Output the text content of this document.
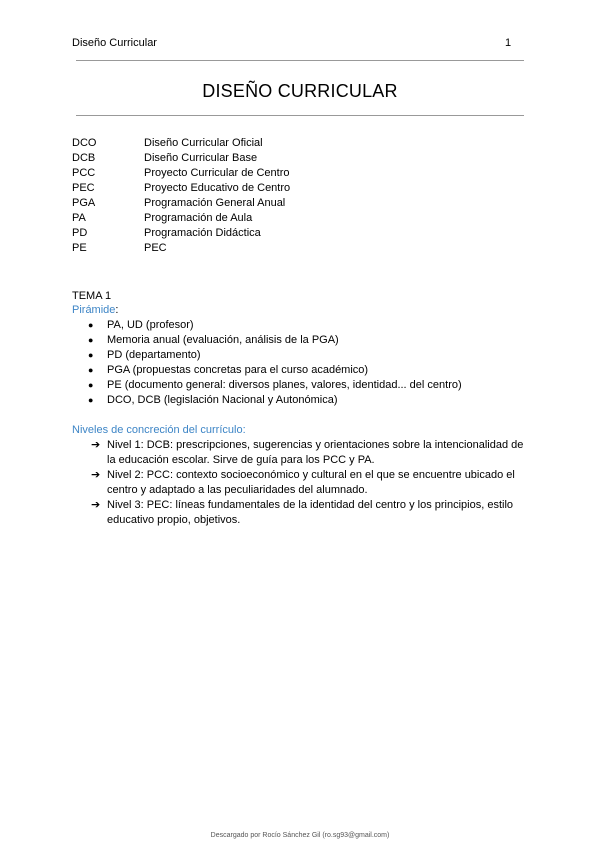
Diseño Curricular	1
DISEÑO CURRICULAR
DCO	Diseño Curricular Oficial
DCB	Diseño Curricular Base
PCC	Proyecto Curricular de Centro
PEC	Proyecto Educativo de Centro
PGA	Programación General Anual
PA	Programación de Aula
PD	Programación Didáctica
PE	PEC
TEMA 1
Pirámide:
● PA, UD (profesor)
● Memoria anual (evaluación, análisis de la PGA)
● PD (departamento)
● PGA (propuestas concretas para el curso académico)
● PE (documento general: diversos planes, valores, identidad... del centro)
● DCO, DCB (legislación Nacional y Autonómica)
Niveles de concreción del currículo:
➔ Nivel 1: DCB: prescripciones, sugerencias y orientaciones sobre la intencionalidad de la educación escolar. Sirve de guía para los PCC y PA.
➔ Nivel 2: PCC: contexto socioeconómico y cultural en el que se encuentre ubicado el centro y adaptado a las peculiaridades del alumnado.
➔ Nivel 3: PEC: líneas fundamentales de la identidad del centro y los principios, estilo educativo propio, objetivos.
Descargado por Rocío Sánchez Gil (ro.sg93@gmail.com)
